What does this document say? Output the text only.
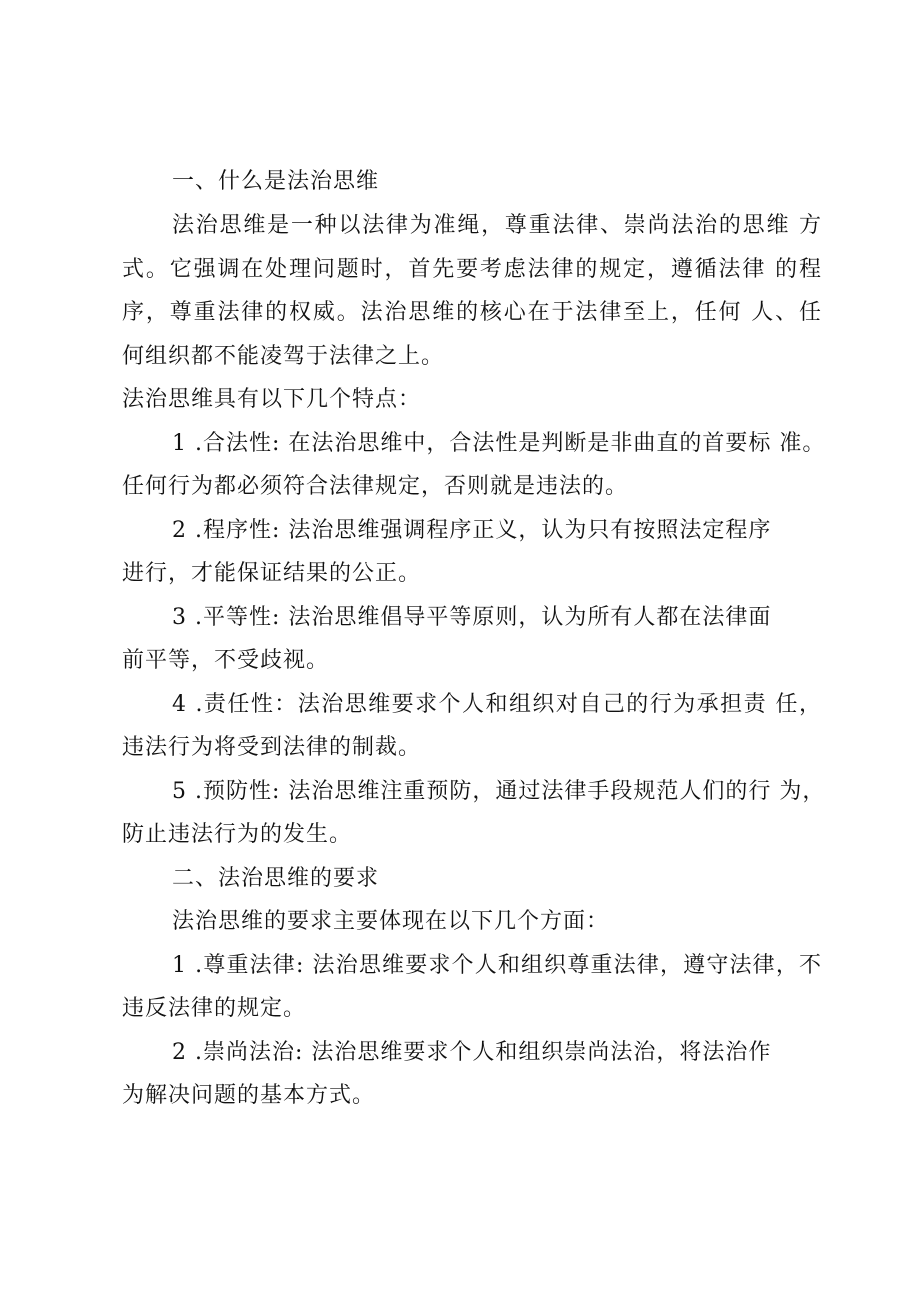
一、什么是法治思维
法治思维是一种以法律为准绳，尊重法律、崇尚法治的思维 方
式。它强调在处理问题时，首先要考虑法律的规定，遵循法律 的程
序，尊重法律的权威。法治思维的核心在于法律至上，任何 人、任
何组织都不能凌驾于法律之上。
法治思维具有以下几个特点：
1 .合法性: 在法治思维中，合法性是判断是非曲直的首要标 准。
任何行为都必须符合法律规定，否则就是违法的。
2 .程序性: 法治思维强调程序正义，认为只有按照法定程序
进行，才能保证结果的公正。
3 .平等性: 法治思维倡导平等原则，认为所有人都在法律面
前平等，不受歧视。
4 .责任性：法治思维要求个人和组织对自己的行为承担责 任，
违法行为将受到法律的制裁。
5 .预防性: 法治思维注重预防，通过法律手段规范人们的行 为，
防止违法行为的发生。
二、法治思维的要求
法治思维的要求主要体现在以下几个方面：
1 .尊重法律: 法治思维要求个人和组织尊重法律，遵守法律，不
违反法律的规定。
2 .崇尚法治: 法治思维要求个人和组织崇尚法治，将法治作
为解决问题的基本方式。
